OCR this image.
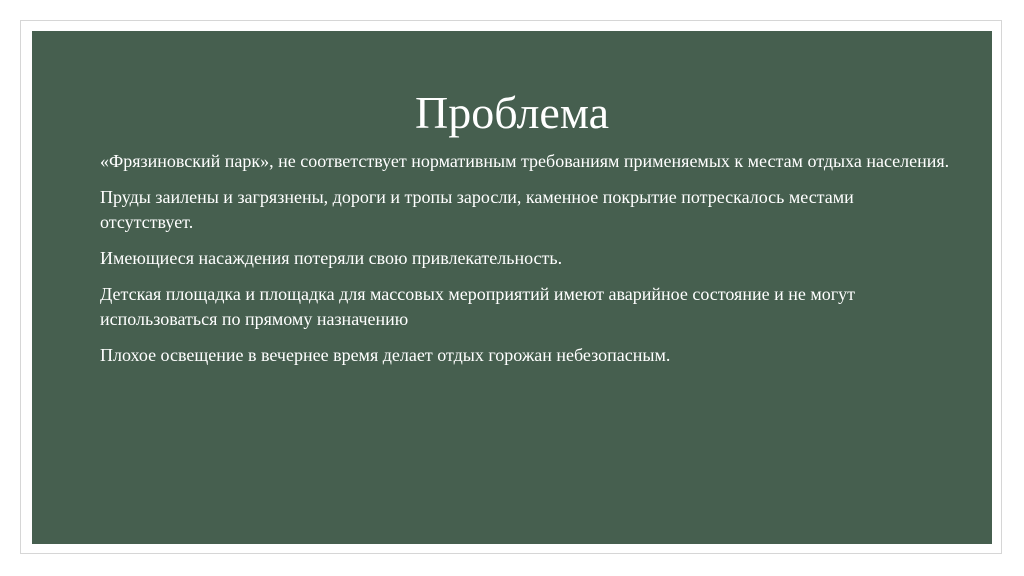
Проблема

«Фрязиновский парк», не соответствует нормативным требованиям применяемых к местам отдыха населения.

Пруды заилены и загрязнены, дороги и тропы заросли, каменное покрытие потрескалось местами отсутствует.

Имеющиеся насаждения потеряли свою привлекательность.

Детская площадка и площадка для массовых мероприятий имеют аварийное состояние и не могут использоваться по прямому назначению

Плохое освещение в вечернее время делает отдых горожан небезопасным.
